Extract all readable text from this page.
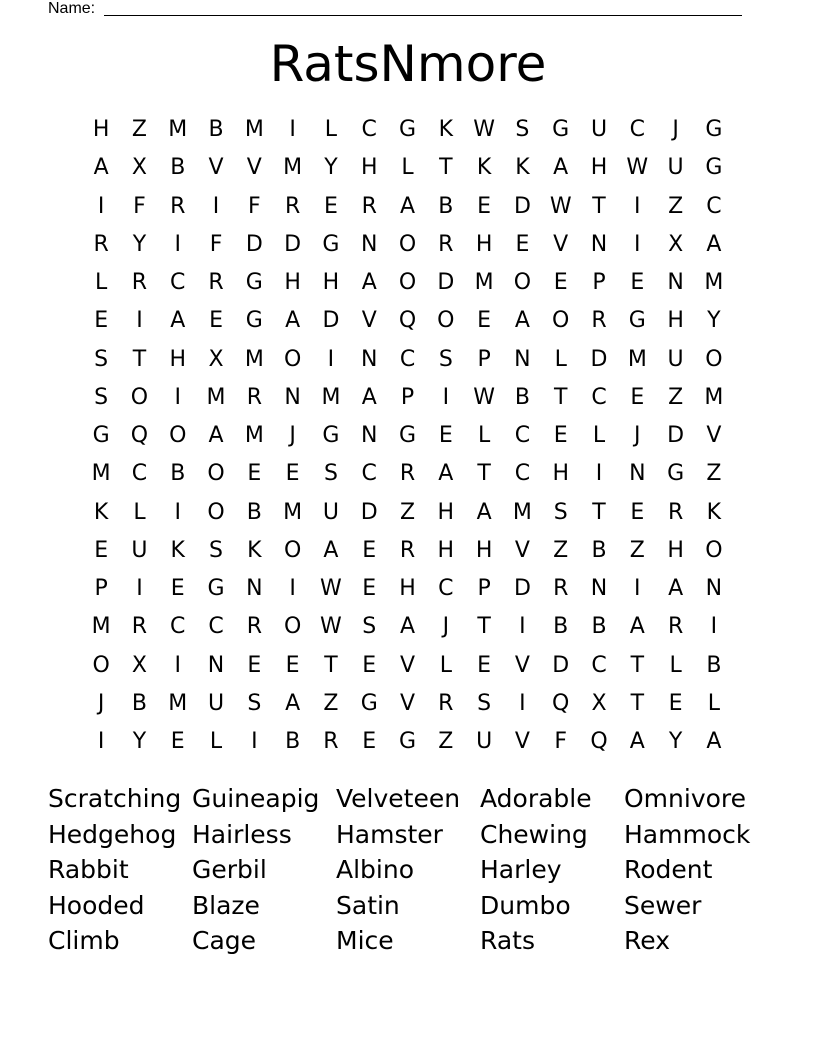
Name:
RatsNmore
H	Z M B M	I	L	C	G	K W S	G U	C	J	G
A	X	B	V	V M	Y	H	L	T	K	K	A	H W U G
I	F	R	I	F	R	E	R	A	B	E	D W T	I	Z	C
R	Y	I	F	D D G N O R	H	E	V	N	I	X	A
L	R	C	R	G H H	A	O D M O	E	P	E	N M
E	I	A	E	G	A	D	V	Q O	E	A	O R	G H	Y
S	T	H	X M O	I	N	C	S	P	N	L	D M U O
S	O	I	M R	N M A	P	I	W B	T	C	E	Z M
G Q O	A M	J	G N G	E	L	C	E	L	J	D	V
M C	B	O	E	E	S	C	R	A	T	C	H	I	N G	Z
K	L	I	O	B M U D	Z	H	A M S	T	E	R	K
E	U	K	S	K	O	A	E	R	H H	V	Z	B	Z	H O
P	I	E	G N	I	W E	H	C	P	D	R	N	I	A	N
M R	C	C	R O W S	A	J	T	I	B	B	A	R	I
O	X	I	N	E	E	T	E	V	L	E	V	D	C	T	L	B
J	B M U	S	A	Z	G	V	R	S	I	Q	X	T	E	L
I	Y	E	L	I	B	R	E	G	Z	U	V	F	Q	A	Y	A
Scratching Guineapig Velveteen Adorable	Omnivore
Hedgehog Hairless	Hamster	Chewing	Hammock
Rabbit	Gerbil	Albino	Harley	Rodent
Hooded	Blaze	Satin	Dumbo	Sewer
Climb	Cage	Mice	Rats	Rex
